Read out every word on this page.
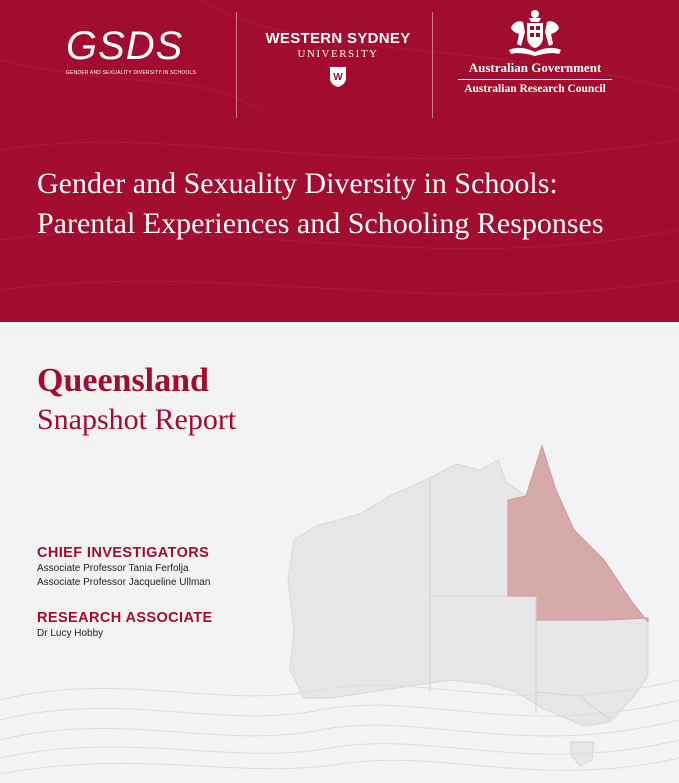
GSDS
GENDER AND SEXUALITY DIVERSITY IN SCHOOLS
WESTERN SYDNEY
UNIVERSITY
W
Australian Government
Australian Research Council
Gender and Sexuality Diversity in Schools: Parental Experiences and Schooling Responses
Queensland
Snapshot Report
CHIEF INVESTIGATORS
Associate Professor Tania Ferfolja
Associate Professor Jacqueline Ullman
RESEARCH ASSOCIATE
Dr Lucy Hobby
